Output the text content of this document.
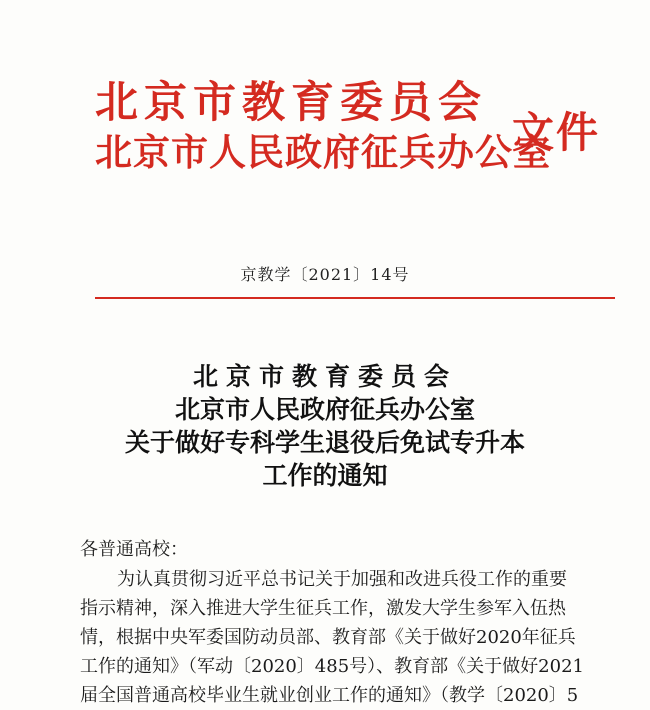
北京市教育委员会
北京市人民政府征兵办公室
文件
京教学〔2021〕14号
北京市教育委员会
北京市人民政府征兵办公室
关于做好专科学生退役后免试专升本
工作的通知
各普通高校：
为认真贯彻习近平总书记关于加强和改进兵役工作的重要
指示精神，深入推进大学生征兵工作，激发大学生参军入伍热
情，根据中央军委国防动员部、教育部《关于做好2020年征兵
工作的通知》（军动〔2020〕485号）、教育部《关于做好2021
届全国普通高校毕业生就业创业工作的通知》（教学〔2020〕5
